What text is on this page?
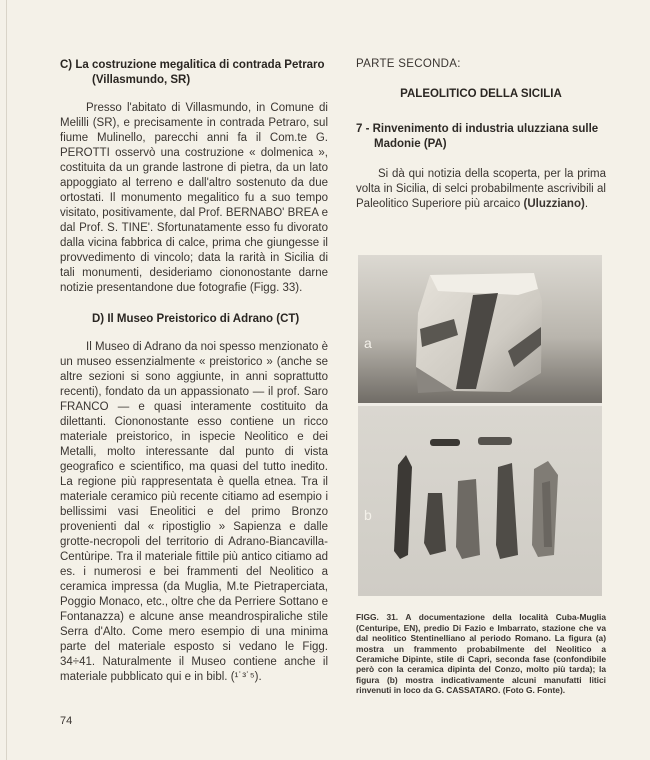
C) La costruzione megalitica di contrada Petraro (Villasmundo, SR)

Presso l'abitato di Villasmundo, in Comune di Melilli (SR), e precisamente in contrada Petraro, sul fiume Mulinello, parecchi anni fa il Com.te G. PEROTTI osservò una costruzione « dolmenica », costituita da un grande lastrone di pietra, da un lato appoggiato al terreno e dall'altro sostenuto da due ortostati. Il monumento megalitico fu a suo tempo visitato, positivamente, dal Prof. BERNABO' BREA e dal Prof. S. TINE'. Sfortunatamente esso fu divorato dalla vicina fabbrica di calce, prima che giungesse il provvedimento di vincolo; data la rarità in Sicilia di tali monumenti, desideriamo ciononostante darne notizie presentandone due fotografie (Figg. 33).

D) Il Museo Preistorico di Adrano (CT)

Il Museo di Adrano da noi spesso menzionato è un museo essenzialmente « preistorico » (anche se altre sezioni si sono aggiunte, in anni soprattutto recenti), fondato da un appassionato — il prof. Saro FRANCO — e quasi interamente costituito da dilettanti. Ciononostante esso contiene un ricco materiale preistorico, in ispecie Neolitico e dei Metalli, molto interessante dal punto di vista geografico e scientifico, ma quasi del tutto inedito. La regione più rappresentata è quella etnea. Tra il materiale ceramico più recente citiamo ad esempio i bellissimi vasi Eneolitici e del primo Bronzo provenienti dal « ripostiglio » Sapienza e dalle grotte-necropoli del territorio di Adrano-Biancavilla-Centùripe. Tra il materiale fittile più antico citiamo ad es. i numerosi e bei frammenti del Neolitico a ceramica impressa (da Muglia, M.te Pietraperciata, Poggio Monaco, etc., oltre che da Perriere Sottano e Fontanazza) e alcune anse meandrospiraliche stile Serra d'Alto. Come mero esempio di una minima parte del materiale esposto si vedano le Figg. 34÷41. Naturalmente il Museo contiene anche il materiale pubblicato qui e in bibl. (¹˙³˙⁵).

PARTE SECONDA:

PALEOLITICO DELLA SICILIA

7 - Rinvenimento di industria uluzziana sulle Madonie (PA)

Si dà qui notizia della scoperta, per la prima volta in Sicilia, di selci probabilmente ascrivibili al Paleolitico Superiore più arcaico (Uluzziano).

a
b

FIGG. 31. A documentazione della località Cuba-Muglia (Centuripe, EN), predio Di Fazio e Imbarrato, stazione che va dal neolitico Stentinelliano al periodo Romano. La figura (a) mostra un frammento probabilmente del Neolitico a Ceramiche Dipinte, stile di Capri, seconda fase (confondibile però con la ceramica dipinta del Conzo, molto più tarda); la figura (b) mostra indicativamente alcuni manufatti litici rinvenuti in loco da G. CASSATARO. (Foto G. Fonte).

74
